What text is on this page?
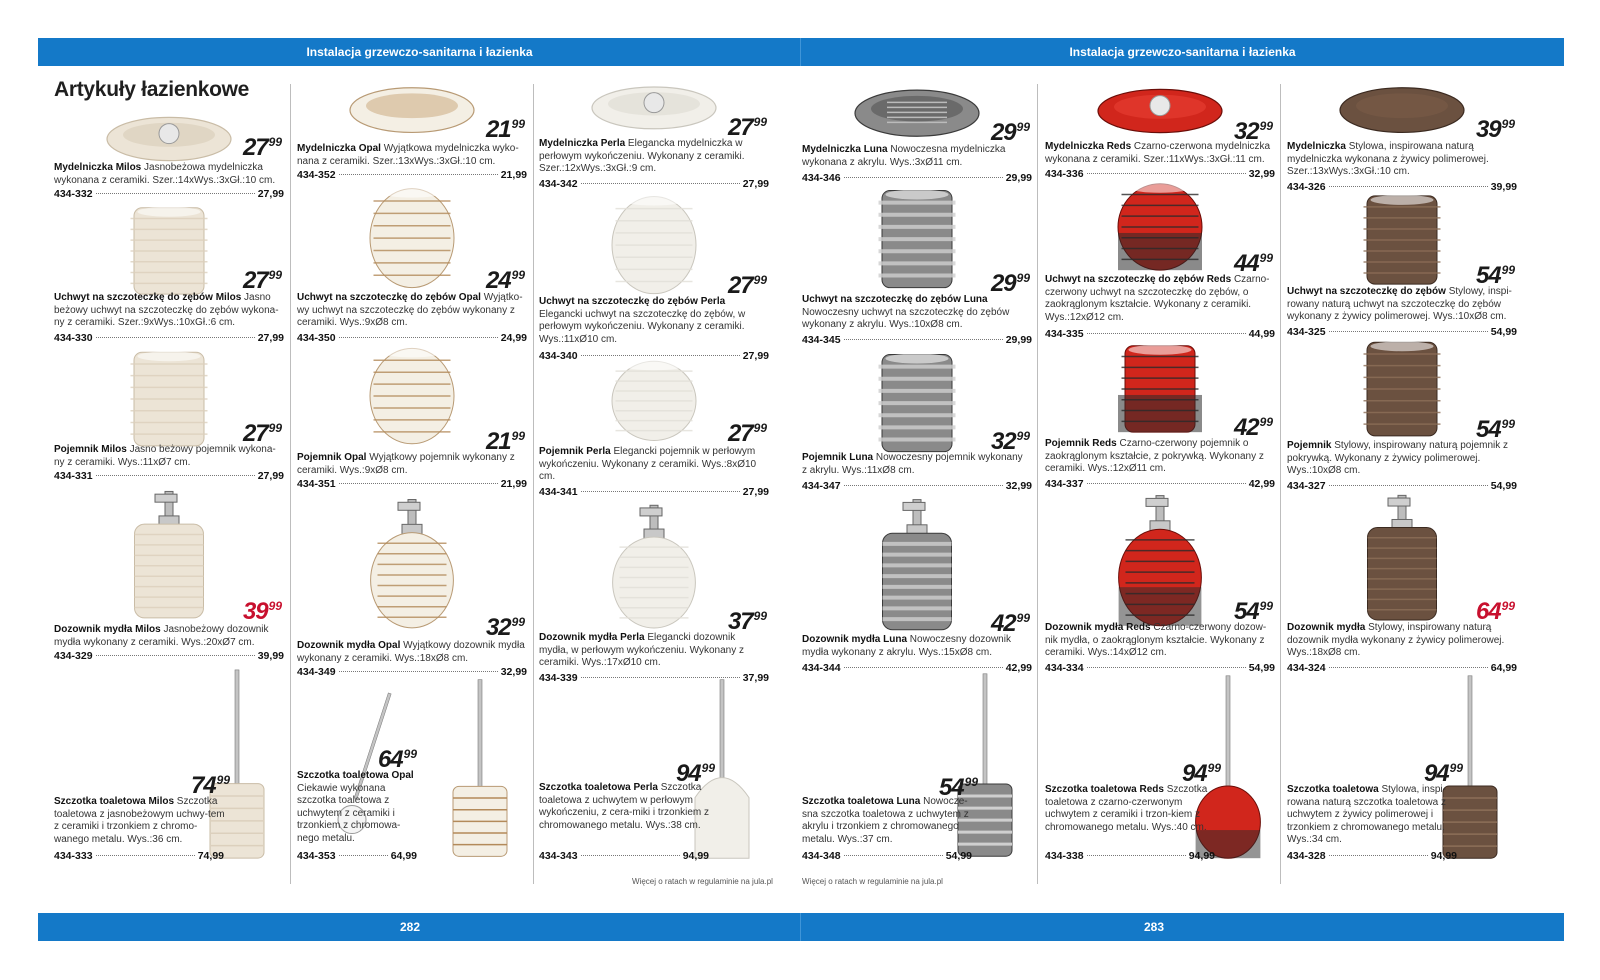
Instalacja grzewczo-sanitarna i łazienka	Instalacja grzewczo-sanitarna i łazienka
Artykuły łazienkowe
$27^{99}$
Mydelniczka Milos Jasnobeżowa mydelniczka wykonana z ceramiki. Szer.:14xWys.:3xGł.:10 cm.
434-332	27,99
$27^{99}$
Uchwyt na szczoteczkę do zębów Milos Jasno beżowy uchwyt na szczoteczkę do zębów wykona-ny z ceramiki. Szer.:9xWys.:10xGł.:6 cm.
434-330	27,99
$27^{99}$
Pojemnik Milos Jasno beżowy pojemnik wykona-ny z ceramiki. Wys.:11xØ7 cm.
434-331	27,99
$39^{99}$
Dozownik mydła Milos Jasnobeżowy dozownik mydła wykonany z ceramiki. Wys.:20xØ7 cm.
434-329	39,99
$74^{99}$
Szczotka toaletowa Milos Szczotka toaletowa z jasnobeżowym uchwy-tem z ceramiki i trzonkiem z chromo-wanego metalu. Wys.:36 cm.
434-333	74,99
$21^{99}$
Mydelniczka Opal Wyjątkowa mydelniczka wyko-nana z ceramiki. Szer.:13xWys.:3xGł.:10 cm.
434-352	21,99
$24^{99}$
Uchwyt na szczoteczkę do zębów Opal Wyjątko-wy uchwyt na szczoteczkę do zębów wykonany z ceramiki. Wys.:9xØ8 cm.
434-350	24,99
$21^{99}$
Pojemnik Opal Wyjątkowy pojemnik wykonany z ceramiki. Wys.:9xØ8 cm.
434-351	21,99
$32^{99}$
Dozownik mydła Opal Wyjątkowy dozownik mydła wykonany z ceramiki. Wys.:18xØ8 cm.
434-349	32,99
$64^{99}$
Szczotka toaletowa Opal Ciekawie wykonana szczotka toaletowa z uchwytem z ceramiki i trzonkiem z chromowa-nego metalu.
434-353	64,99
$27^{99}$
Mydelniczka Perla Elegancka mydelniczka w perłowym wykończeniu. Wykonany z ceramiki. Szer.:12xWys.:3xGł.:9 cm.
434-342	27,99
$27^{99}$
Uchwyt na szczoteczkę do zębów Perla Elegancki uchwyt na szczoteczkę do zębów, w perłowym wykończeniu. Wykonany z ceramiki. Wys.:11xØ10 cm.
434-340	27,99
$27^{99}$
Pojemnik Perla Elegancki pojemnik w perłowym wykończeniu. Wykonany z ceramiki. Wys.:8xØ10 cm.
434-341	27,99
$37^{99}$
Dozownik mydła Perla Elegancki dozownik mydła, w perłowym wykończeniu. Wykonany z ceramiki. Wys.:17xØ10 cm.
434-339	37,99
$94^{99}$
Szczotka toaletowa Perla Szczotka toaletowa z uchwytem w perłowym wykończeniu, z cera-miki i trzonkiem z chromowanego metalu. Wys.:38 cm.
434-343	94,99
$29^{99}$
Mydelniczka Luna Nowoczesna mydelniczka wykonana z akrylu. Wys.:3xØ11 cm.
434-346	29,99
$29^{99}$
Uchwyt na szczoteczkę do zębów Luna Nowoczesny uchwyt na szczoteczkę do zębów wykonany z akrylu. Wys.:10xØ8 cm.
434-345	29,99
$32^{99}$
Pojemnik Luna Nowoczesny pojemnik wykonany z akrylu. Wys.:11xØ8 cm.
434-347	32,99
$42^{99}$
Dozownik mydła Luna Nowoczesny dozownik mydła wykonany z akrylu. Wys.:15xØ8 cm.
434-344	42,99
$54^{99}$
Szczotka toaletowa Luna Nowocze-sna szczotka toaletowa z uchwytem z akrylu i trzonkiem z chromowanego metalu. Wys.:37 cm.
434-348	54,99
$32^{99}$
Mydelniczka Reds Czarno-czerwona mydelniczka wykonana z ceramiki. Szer.:11xWys.:3xGł.:11 cm.
434-336	32,99
$44^{99}$
Uchwyt na szczoteczkę do zębów Reds Czarno-czerwony uchwyt na szczoteczkę do zębów, o zaokrąglonym kształcie. Wykonany z ceramiki. Wys.:12xØ12 cm.
434-335	44,99
$42^{99}$
Pojemnik Reds Czarno-czerwony pojemnik o zaokrąglonym kształcie, z pokrywką. Wykonany z ceramiki. Wys.:12xØ11 cm.
434-337	42,99
$54^{99}$
Dozownik mydła Reds Czarno-czerwony dozow-nik mydła, o zaokrąglonym kształcie. Wykonany z ceramiki. Wys.:14xØ12 cm.
434-334	54,99
$94^{99}$
Szczotka toaletowa Reds Szczotka toaletowa z czarno-czerwonym uchwytem z ceramiki i trzon-kiem z chromowanego metalu. Wys.:40 cm.
434-338	94,99
$39^{99}$
Mydelniczka Stylowa, inspirowana naturą mydelniczka wykonana z żywicy polimerowej. Szer.:13xWys.:3xGł.:10 cm.
434-326	39,99
$54^{99}$
Uchwyt na szczoteczkę do zębów Stylowy, inspi-rowany naturą uchwyt na szczoteczkę do zębów wykonany z żywicy polimerowej. Wys.:10xØ8 cm.
434-325	54,99
$54^{99}$
Pojemnik Stylowy, inspirowany naturą pojemnik z pokrywką. Wykonany z żywicy polimerowej. Wys.:10xØ8 cm.
434-327	54,99
$64^{99}$
Dozownik mydła Stylowy, inspirowany naturą dozownik mydła wykonany z żywicy polimerowej. Wys.:18xØ8 cm.
434-324	64,99
$94^{99}$
Szczotka toaletowa Stylowa, inspi-rowana naturą szczotka toaletowa z uchwytem z żywicy polimerowej i trzonkiem z chromowanego metalu. Wys.:34 cm.
434-328	94,99
Więcej o ratach w regulaminie na jula.pl	Więcej o ratach w regulaminie na jula.pl
282	283
